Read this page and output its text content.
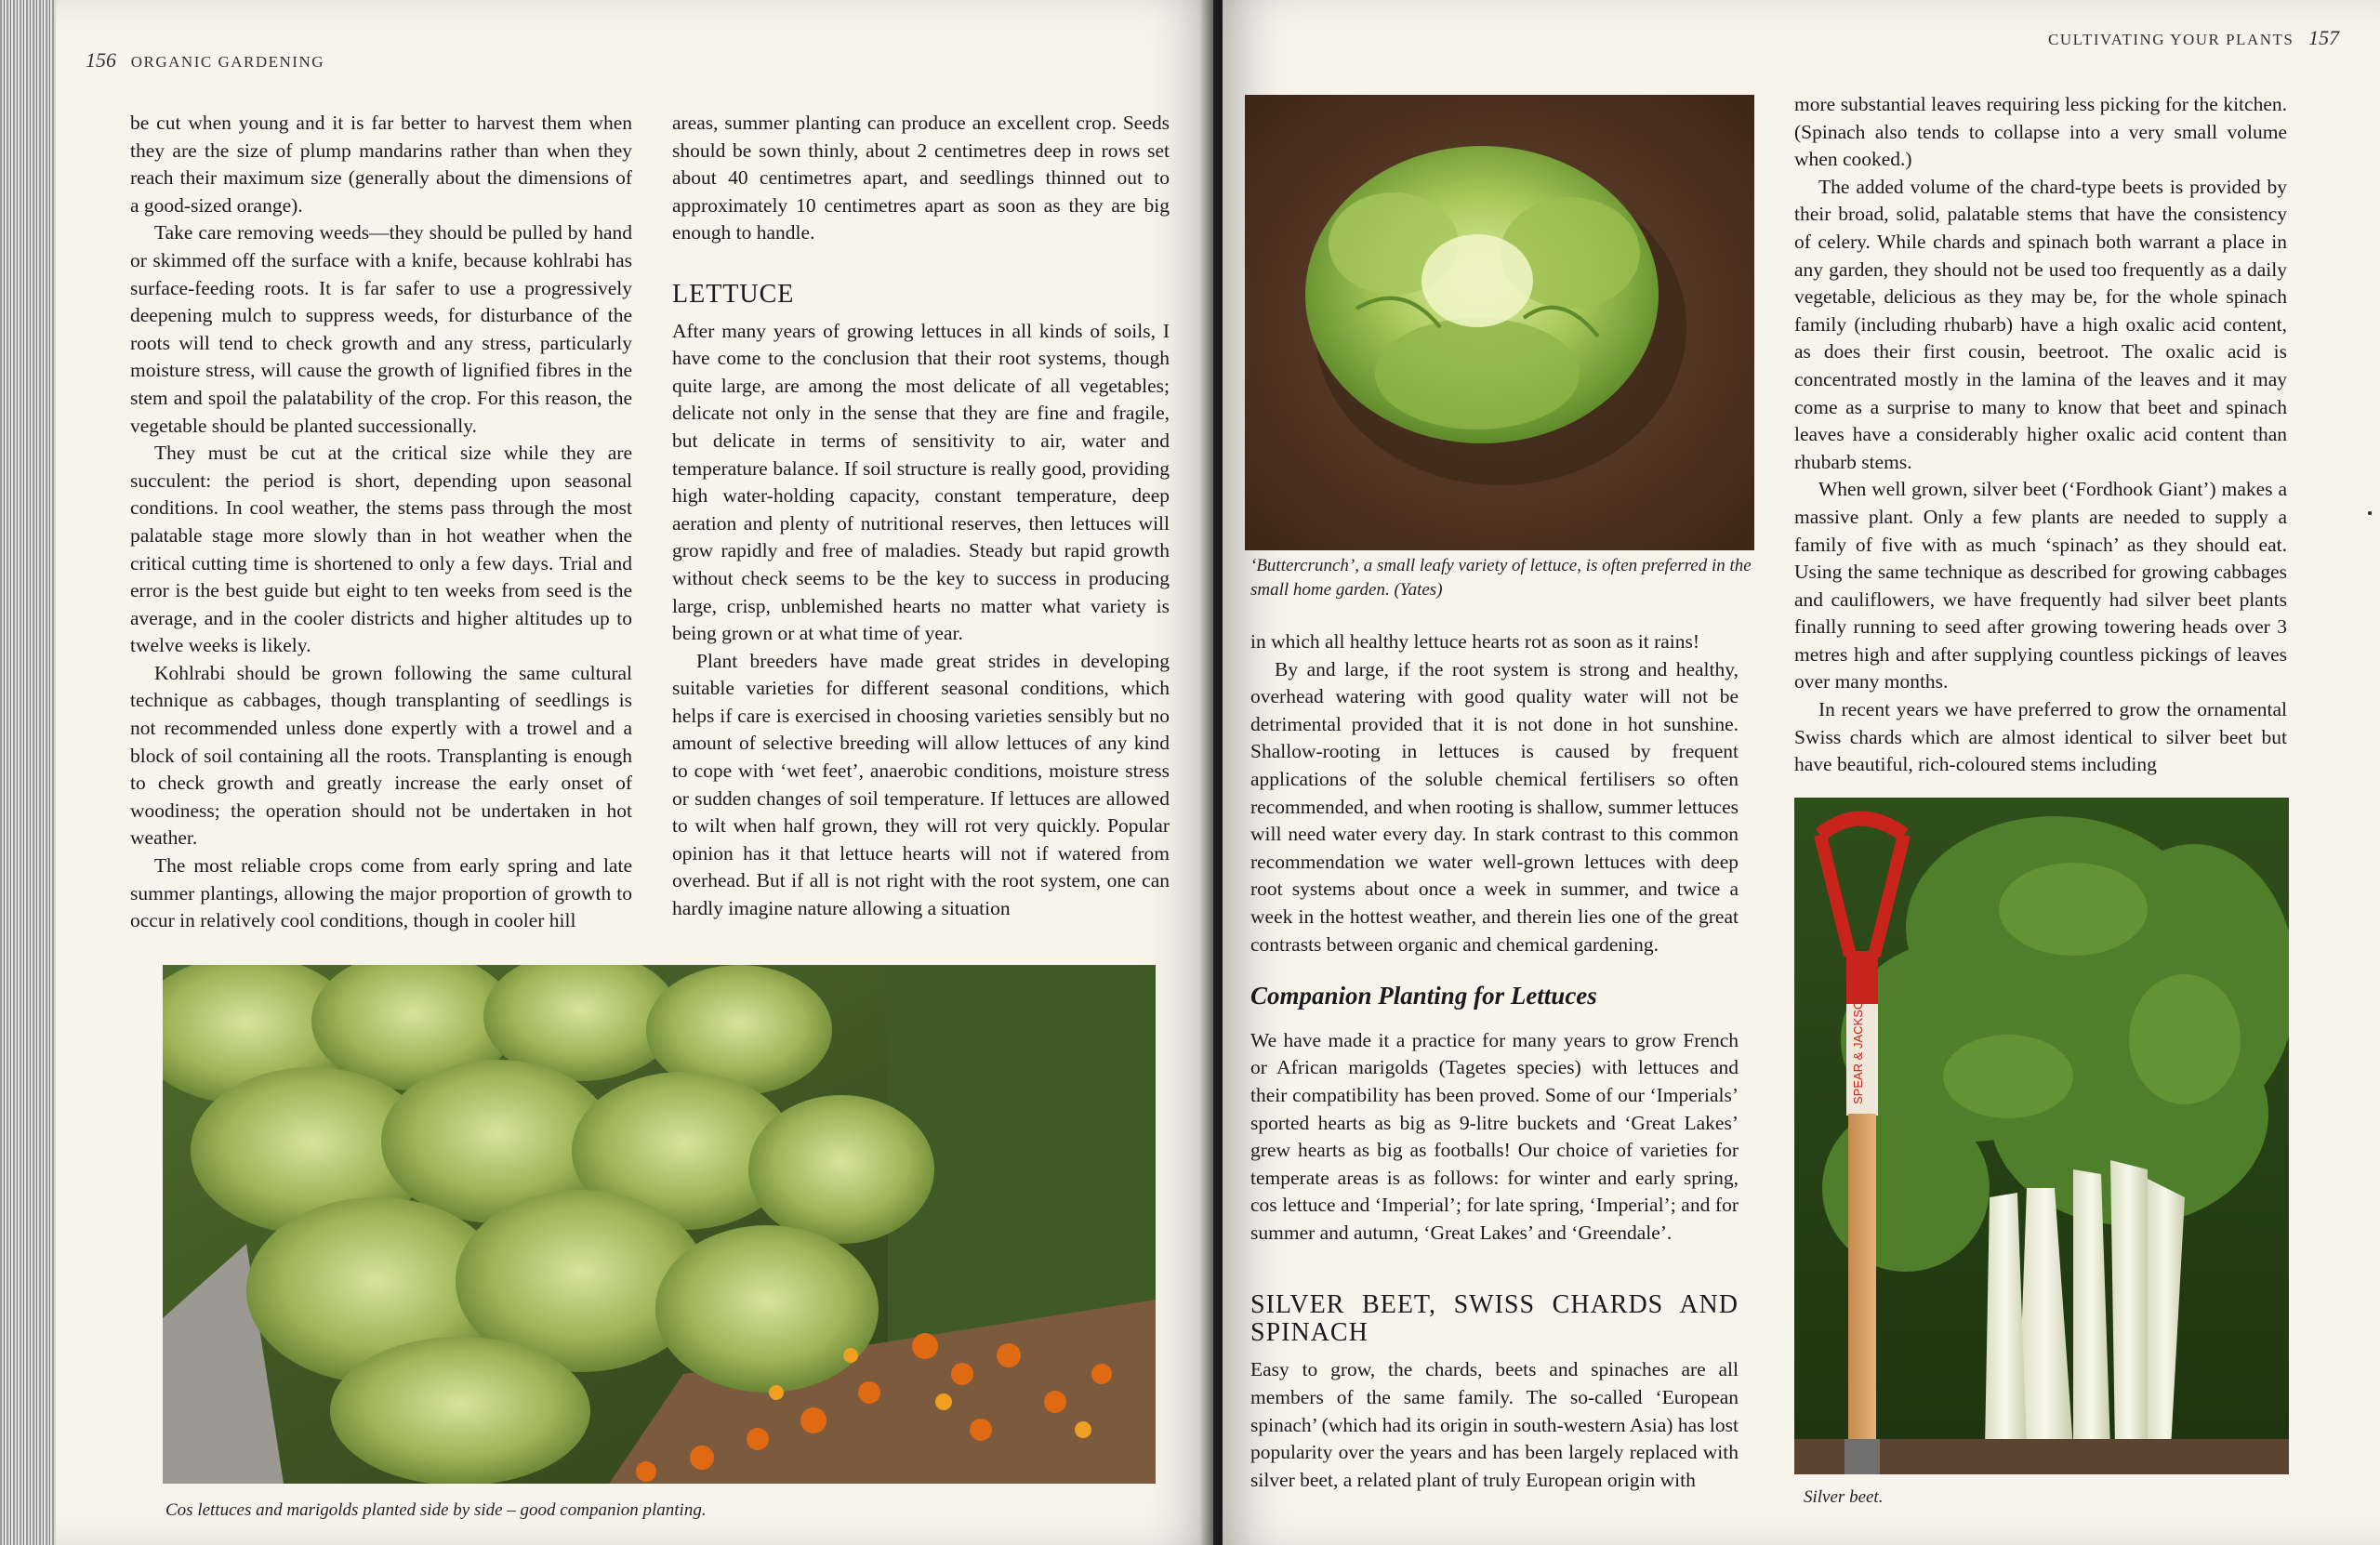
156 ORGANIC GARDENING

be cut when young and it is far better to harvest them when they are the size of plump mandarins rather than when they reach their maximum size (generally about the dimensions of a good-sized orange).

Take care removing weeds—they should be pulled by hand or skimmed off the surface with a knife, because kohlrabi has surface-feeding roots. It is far safer to use a progressively deepening mulch to suppress weeds, for disturbance of the roots will tend to check growth and any stress, particularly moisture stress, will cause the growth of lignified fibres in the stem and spoil the palatability of the crop. For this reason, the vegetable should be planted successionally.

They must be cut at the critical size while they are succulent: the period is short, depending upon seasonal conditions. In cool weather, the stems pass through the most palatable stage more slowly than in hot weather when the critical cutting time is shortened to only a few days. Trial and error is the best guide but eight to ten weeks from seed is the average, and in the cooler districts and higher altitudes up to twelve weeks is likely.

Kohlrabi should be grown following the same cultural technique as cabbages, though transplanting of seedlings is not recommended unless done expertly with a trowel and a block of soil containing all the roots. Transplanting is enough to check growth and greatly increase the early onset of woodiness; the operation should not be undertaken in hot weather.

The most reliable crops come from early spring and late summer plantings, allowing the major proportion of growth to occur in relatively cool conditions, though in cooler hill

areas, summer planting can produce an excellent crop. Seeds should be sown thinly, about 2 centimetres deep in rows set about 40 centimetres apart, and seedlings thinned out to approximately 10 centimetres apart as soon as they are big enough to handle.

LETTUCE

After many years of growing lettuces in all kinds of soils, I have come to the conclusion that their root systems, though quite large, are among the most delicate of all vegetables; delicate not only in the sense that they are fine and fragile, but delicate in terms of sensitivity to air, water and temperature balance. If soil structure is really good, providing high water-holding capacity, constant temperature, deep aeration and plenty of nutritional reserves, then lettuces will grow rapidly and free of maladies. Steady but rapid growth without check seems to be the key to success in producing large, crisp, unblemished hearts no matter what variety is being grown or at what time of year.

Plant breeders have made great strides in developing suitable varieties for different seasonal conditions, which helps if care is exercised in choosing varieties sensibly but no amount of selective breeding will allow lettuces of any kind to cope with ‘wet feet’, anaerobic conditions, moisture stress or sudden changes of soil temperature. If lettuces are allowed to wilt when half grown, they will rot very quickly. Popular opinion has it that lettuce hearts will not if watered from overhead. But if all is not right with the root system, one can hardly imagine nature allowing a situation

Cos lettuces and marigolds planted side by side – good companion planting.
CULTIVATING YOUR PLANTS 157
‘Buttercrunch’, a small leafy variety of lettuce, is often preferred in the small home garden. (Yates)

in which all healthy lettuce hearts rot as soon as it rains!

By and large, if the root system is strong and healthy, overhead watering with good quality water will not be detrimental provided that it is not done in hot sunshine. Shallow-rooting in lettuces is caused by frequent applications of the soluble chemical fertilisers so often recommended, and when rooting is shallow, summer lettuces will need water every day. In stark contrast to this common recommendation we water well-grown lettuces with deep root systems about once a week in summer, and twice a week in the hottest weather, and therein lies one of the great contrasts between organic and chemical gardening.

Companion Planting for Lettuces

We have made it a practice for many years to grow French or African marigolds (Tagetes species) with lettuces and their compatibility has been proved. Some of our ‘Imperials’ sported hearts as big as 9-litre buckets and ‘Great Lakes’ grew hearts as big as footballs! Our choice of varieties for temperate areas is as follows: for winter and early spring, cos lettuce and ‘Imperial’; for late spring, ‘Imperial’; and for summer and autumn, ‘Great Lakes’ and ‘Greendale’.

SILVER BEET, SWISS CHARDS AND SPINACH

Easy to grow, the chards, beets and spinaches are all members of the same family. The so-called ‘European spinach’ (which had its origin in south-western Asia) has lost popularity over the years and has been largely replaced with silver beet, a related plant of truly European origin with

more substantial leaves requiring less picking for the kitchen. (Spinach also tends to collapse into a very small volume when cooked.)

The added volume of the chard-type beets is provided by their broad, solid, palatable stems that have the consistency of celery. While chards and spinach both warrant a place in any garden, they should not be used too frequently as a daily vegetable, delicious as they may be, for the whole spinach family (including rhubarb) have a high oxalic acid content, as does their first cousin, beetroot. The oxalic acid is concentrated mostly in the lamina of the leaves and it may come as a surprise to many to know that beet and spinach leaves have a considerably higher oxalic acid content than rhubarb stems.

When well grown, silver beet (‘Fordhook Giant’) makes a massive plant. Only a few plants are needed to supply a family of five with as much ‘spinach’ as they should eat. Using the same technique as described for growing cabbages and cauliflowers, we have frequently had silver beet plants finally running to seed after growing towering heads over 3 metres high and after supplying countless pickings of leaves over many months.

In recent years we have preferred to grow the ornamental Swiss chards which are almost identical to silver beet but have beautiful, rich-coloured stems including

SPEAR & JACKSON
Silver beet.
